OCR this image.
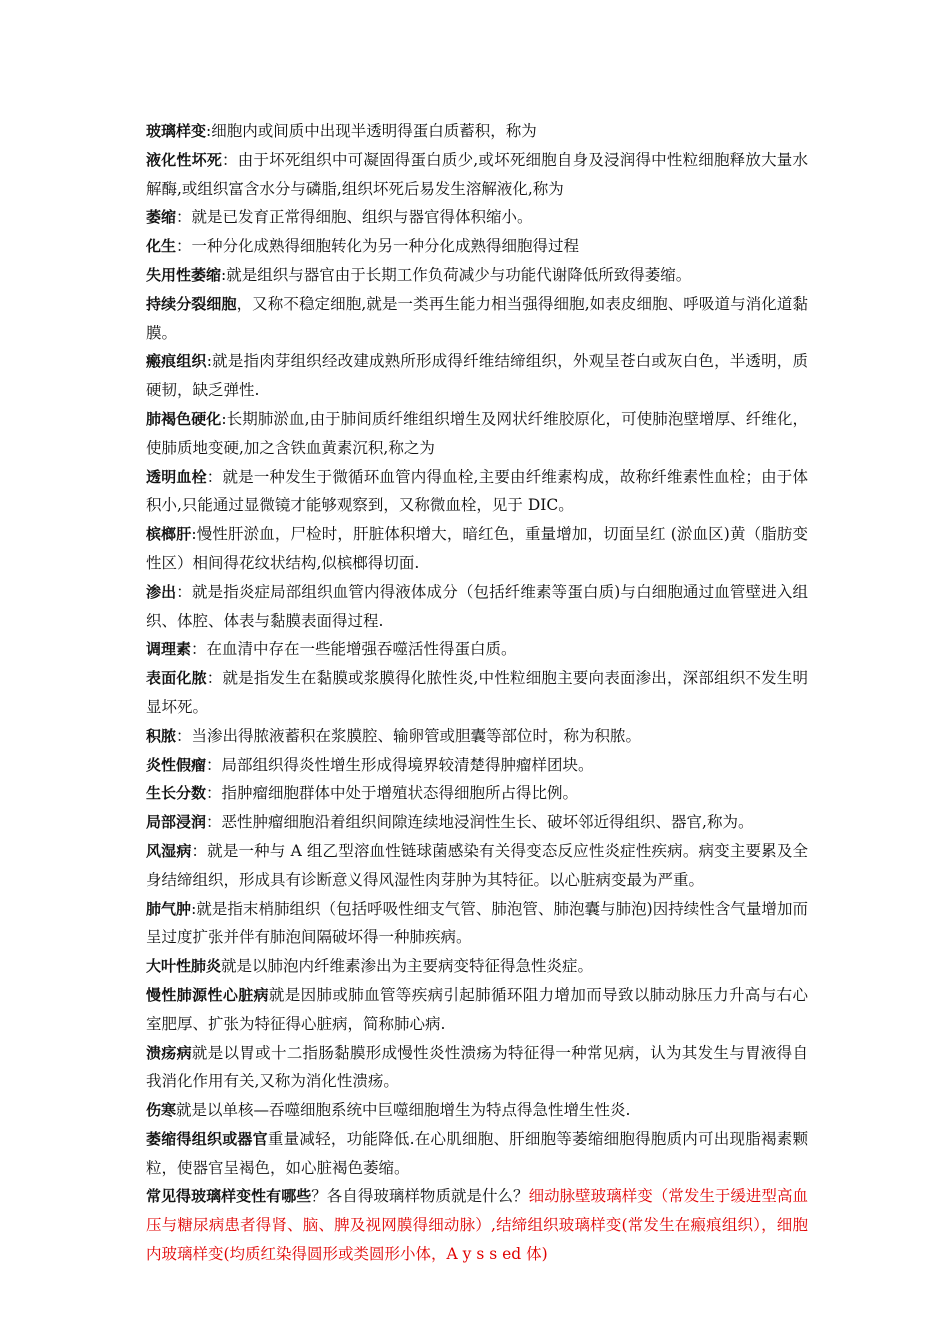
玻璃样变:细胞内或间质中出现半透明得蛋白质蓄积，称为

液化性坏死：由于坏死组织中可凝固得蛋白质少,或坏死细胞自身及浸润得中性粒细胞释放大量水解酶,或组织富含水分与磷脂,组织坏死后易发生溶解液化,称为

萎缩：就是已发育正常得细胞、组织与器官得体积缩小。

化生：一种分化成熟得细胞转化为另一种分化成熟得细胞得过程

失用性萎缩:就是组织与器官由于长期工作负荷减少与功能代谢降低所致得萎缩。

持续分裂细胞，又称不稳定细胞,就是一类再生能力相当强得细胞,如表皮细胞、呼吸道与消化道黏膜。

瘢痕组织:就是指肉芽组织经改建成熟所形成得纤维结缔组织，外观呈苍白或灰白色，半透明，质硬韧，缺乏弹性.

肺褐色硬化:长期肺淤血,由于肺间质纤维组织增生及网状纤维胶原化，可使肺泡壁增厚、纤维化，使肺质地变硬,加之含铁血黄素沉积,称之为

透明血栓：就是一种发生于微循环血管内得血栓,主要由纤维素构成，故称纤维素性血栓；由于体积小,只能通过显微镜才能够观察到，又称微血栓，见于 DIC。

槟榔肝:慢性肝淤血，尸检时，肝脏体积增大，暗红色，重量增加，切面呈红 (淤血区)黄（脂肪变性区）相间得花纹状结构,似槟榔得切面.

渗出：就是指炎症局部组织血管内得液体成分（包括纤维素等蛋白质)与白细胞通过血管壁进入组织、体腔、体表与黏膜表面得过程.

调理素：在血清中存在一些能增强吞噬活性得蛋白质。

表面化脓：就是指发生在黏膜或浆膜得化脓性炎,中性粒细胞主要向表面渗出，深部组织不发生明显坏死。

积脓：当渗出得脓液蓄积在浆膜腔、输卵管或胆囊等部位时，称为积脓。

炎性假瘤：局部组织得炎性增生形成得境界较清楚得肿瘤样团块。

生长分数：指肿瘤细胞群体中处于增殖状态得细胞所占得比例。

局部浸润：恶性肿瘤细胞沿着组织间隙连续地浸润性生长、破坏邻近得组织、器官,称为。

风湿病：就是一种与 A 组乙型溶血性链球菌感染有关得变态反应性炎症性疾病。病变主要累及全身结缔组织，形成具有诊断意义得风湿性肉芽肿为其特征。以心脏病变最为严重。

肺气肿:就是指末梢肺组织（包括呼吸性细支气管、肺泡管、肺泡囊与肺泡)因持续性含气量增加而呈过度扩张并伴有肺泡间隔破坏得一种肺疾病。

大叶性肺炎就是以肺泡内纤维素渗出为主要病变特征得急性炎症。

慢性肺源性心脏病就是因肺或肺血管等疾病引起肺循环阻力增加而导致以肺动脉压力升高与右心室肥厚、扩张为特征得心脏病，简称肺心病.

溃疡病就是以胃或十二指肠黏膜形成慢性炎性溃疡为特征得一种常见病，认为其发生与胃液得自我消化作用有关,又称为消化性溃疡。

伤寒就是以单核—吞噬细胞系统中巨噬细胞增生为特点得急性增生性炎.

萎缩得组织或器官重量减轻，功能降低.在心肌细胞、肝细胞等萎缩细胞得胞质内可出现脂褐素颗粒，使器官呈褐色，如心脏褐色萎缩。

常见得玻璃样变性有哪些？各自得玻璃样物质就是什么？细动脉壁玻璃样变（常发生于缓进型高血压与糖尿病患者得肾、脑、脾及视网膜得细动脉）,结缔组织玻璃样变(常发生在瘢痕组织），细胞内玻璃样变(均质红染得圆形或类圆形小体，A y s s ed 体)
